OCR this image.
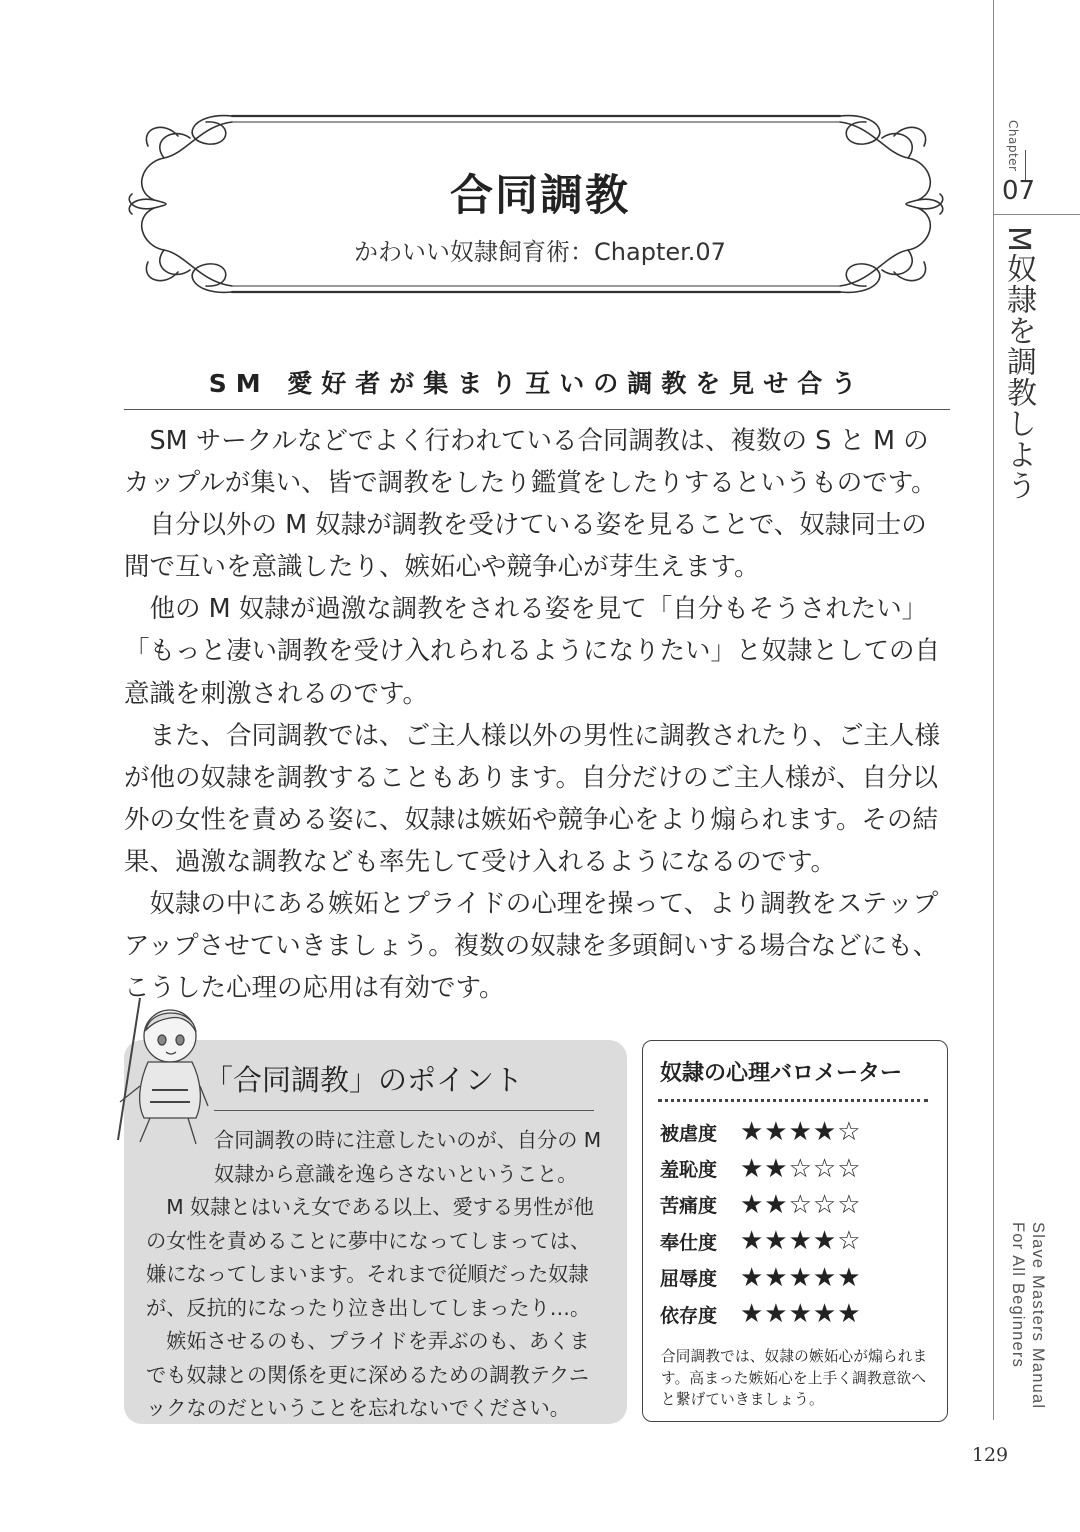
合同調教
かわいい奴隷飼育術：Chapter.07
SM 愛好者が集まり互いの調教を見せ合う

SM サークルなどでよく行われている合同調教は、複数の S と M のカップルが集い、皆で調教をしたり鑑賞をしたりするというものです。

自分以外の M 奴隷が調教を受けている姿を見ることで、奴隷同士の間で互いを意識したり、嫉妬心や競争心が芽生えます。

他の M 奴隷が過激な調教をされる姿を見て「自分もそうされたい」「もっと凄い調教を受け入れられるようになりたい」と奴隷としての自意識を刺激されるのです。

また、合同調教では、ご主人様以外の男性に調教されたり、ご主人様が他の奴隷を調教することもあります。自分だけのご主人様が、自分以外の女性を責める姿に、奴隷は嫉妬や競争心をより煽られます。その結果、過激な調教なども率先して受け入れるようになるのです。

奴隷の中にある嫉妬とプライドの心理を操って、より調教をステップアップさせていきましょう。複数の奴隷を多頭飼いする場合などにも、こうした心理の応用は有効です。

Chapter
07
M奴隷を調教しよう
Slave Masters Manual
For All Beginners
129
「合同調教」のポイント

合同調教の時に注意したいのが、自分の M 奴隷から意識を逸らさないということ。

M 奴隷とはいえ女である以上、愛する男性が他の女性を責めることに夢中になってしまっては、嫌になってしまいます。それまで従順だった奴隷が、反抗的になったり泣き出してしまったり…。

嫉妬させるのも、プライドを弄ぶのも、あくまでも奴隷との関係を更に深めるための調教テクニックなのだということを忘れないでください。

奴隷の心理バロメーター
被虐度 ★★★★☆
羞恥度 ★★☆☆☆
苦痛度 ★★☆☆☆
奉仕度 ★★★★☆
屈辱度 ★★★★★
依存度 ★★★★★
合同調教では、奴隷の嫉妬心が煽られます。高まった嫉妬心を上手く調教意欲へと繋げていきましょう。
